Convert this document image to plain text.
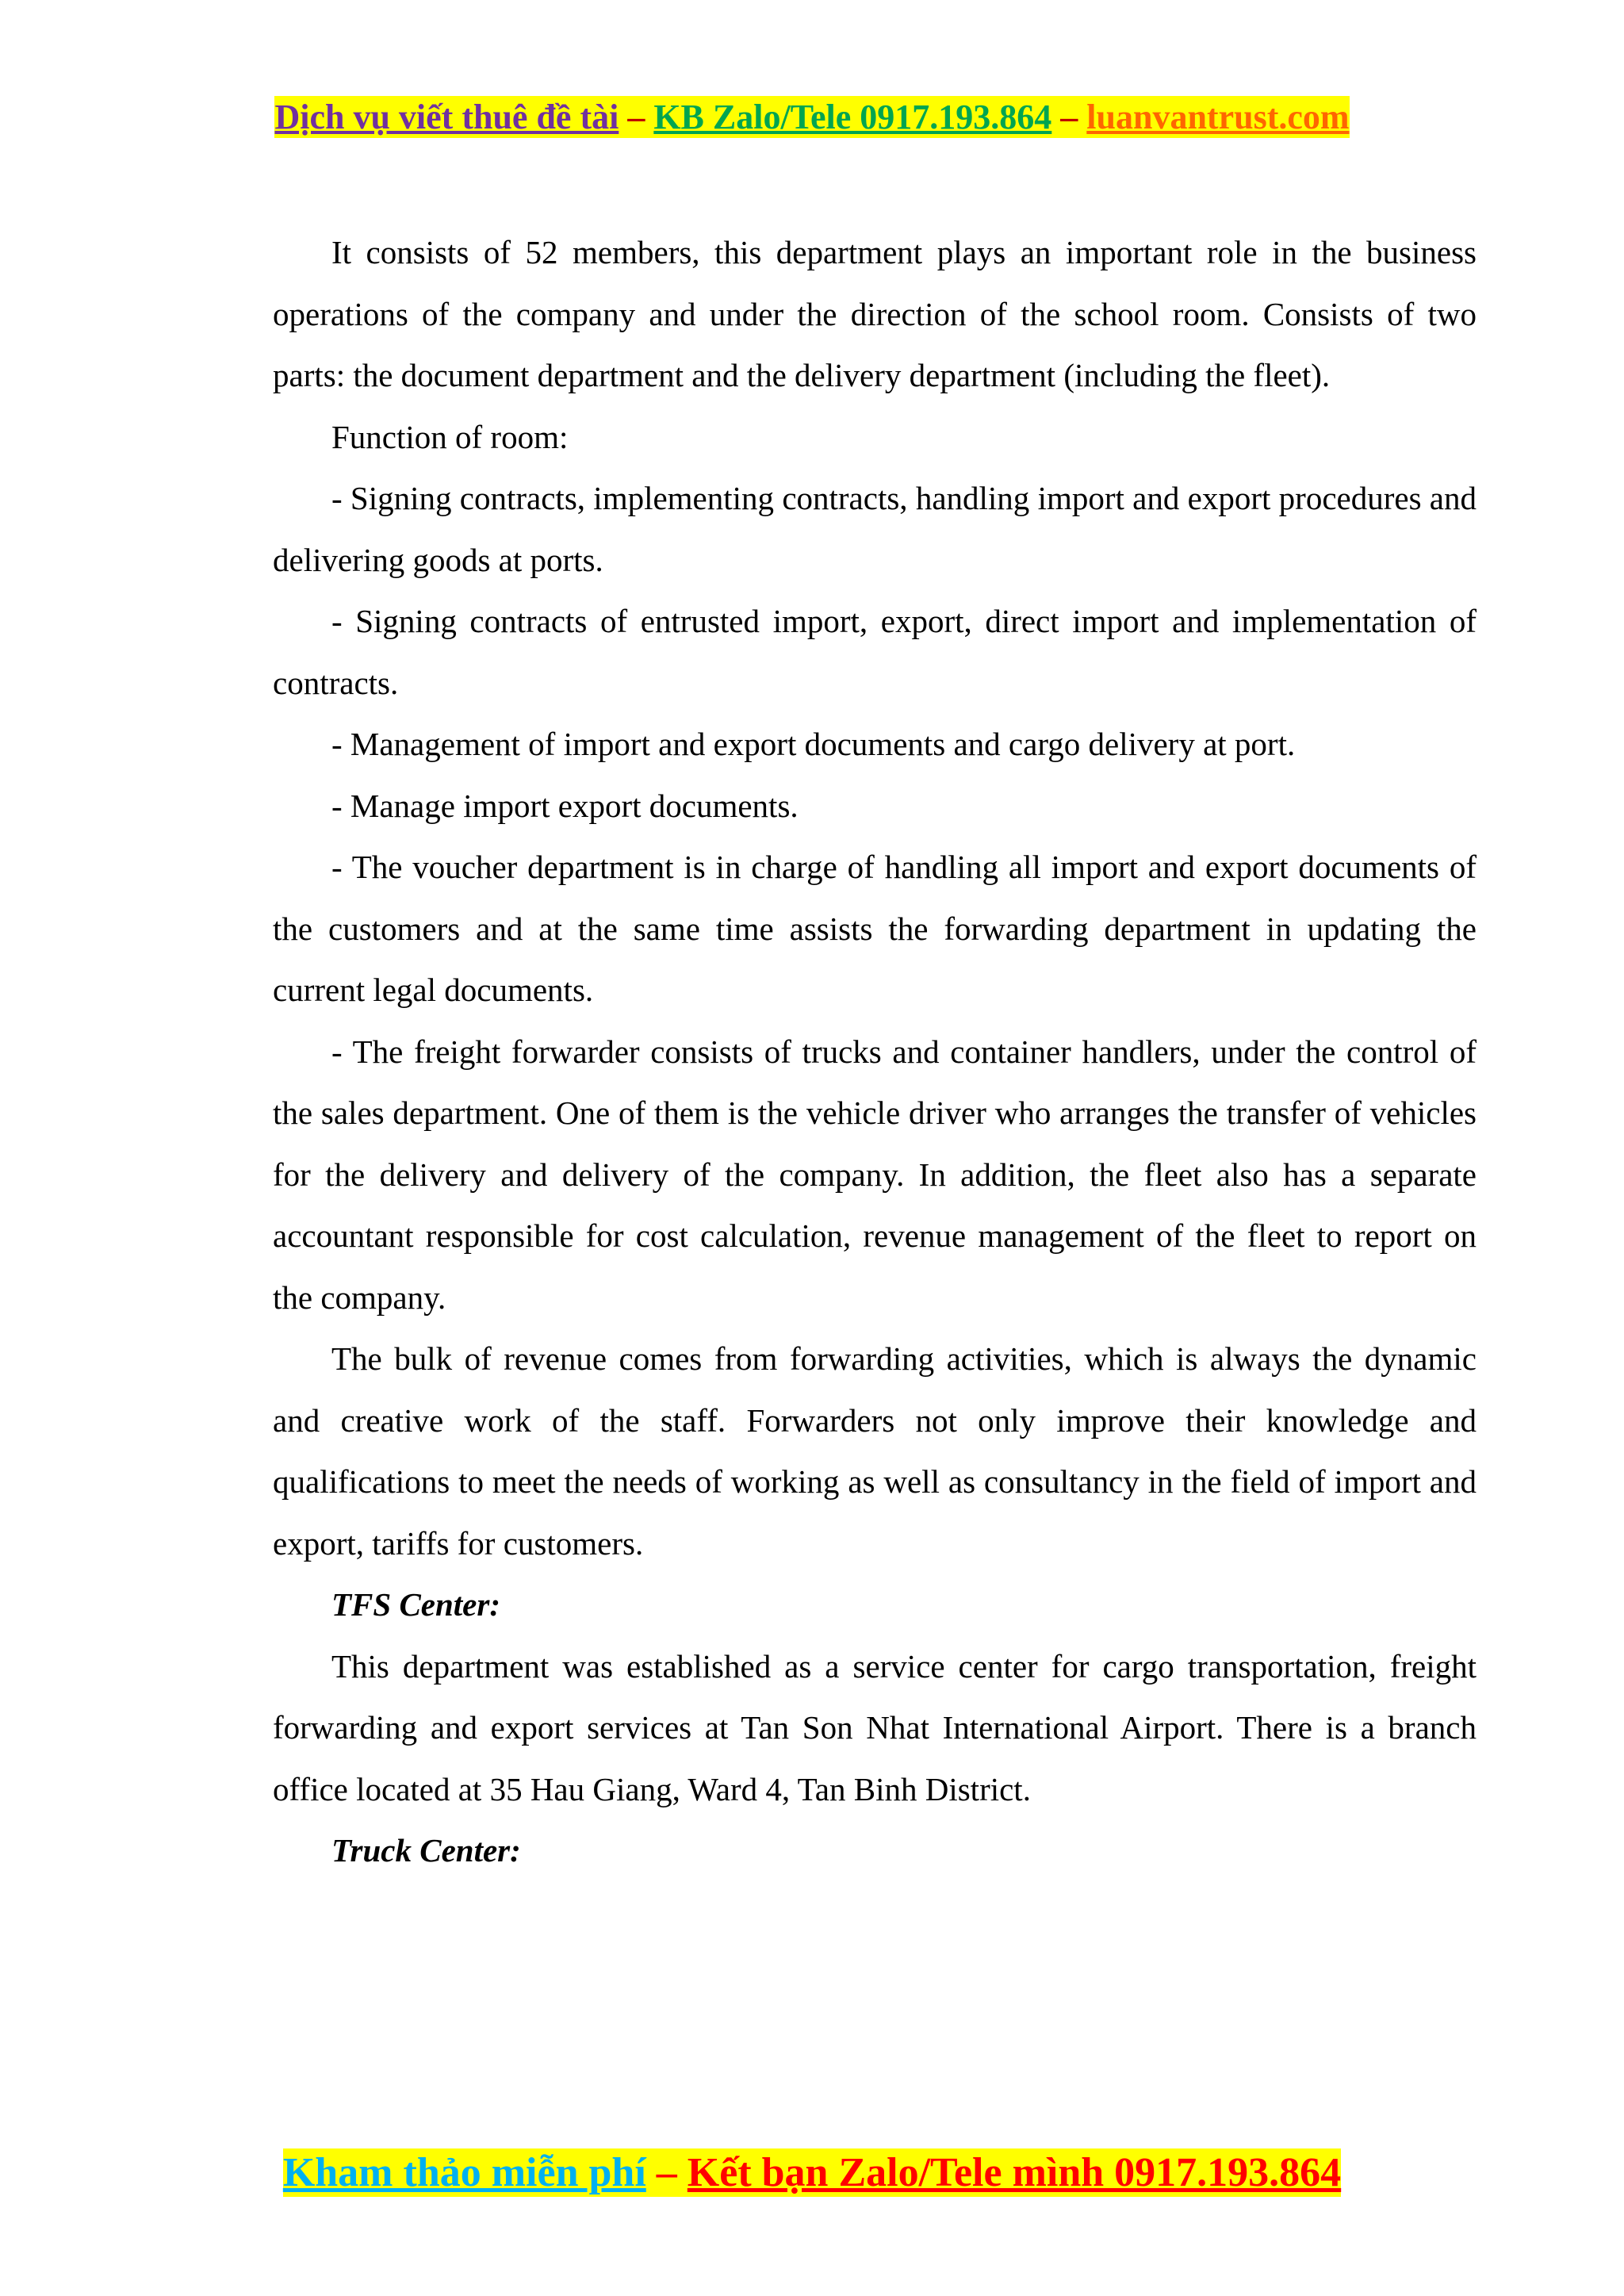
Dịch vụ viết thuê đề tài – KB Zalo/Tele 0917.193.864 – luanvantrust.com

It consists of 52 members, this department plays an important role in the business operations of the company and under the direction of the school room. Consists of two parts: the document department and the delivery department (including the fleet).

Function of room:

- Signing contracts, implementing contracts, handling import and export procedures and delivering goods at ports.

- Signing contracts of entrusted import, export, direct import and implementation of contracts.

- Management of import and export documents and cargo delivery at port.

- Manage import export documents.

- The voucher department is in charge of handling all import and export documents of the customers and at the same time assists the forwarding department in updating the current legal documents.

- The freight forwarder consists of trucks and container handlers, under the control of the sales department. One of them is the vehicle driver who arranges the transfer of vehicles for the delivery and delivery of the company. In addition, the fleet also has a separate accountant responsible for cost calculation, revenue management of the fleet to report on the company.

The bulk of revenue comes from forwarding activities, which is always the dynamic and creative work of the staff. Forwarders not only improve their knowledge and qualifications to meet the needs of working as well as consultancy in the field of import and export, tariffs for customers.

TFS Center:

This department was established as a service center for cargo transportation, freight forwarding and export services at Tan Son Nhat International Airport. There is a branch office located at 35 Hau Giang, Ward 4, Tan Binh District.

Truck Center:

Kham thảo miễn phí – Kết bạn Zalo/Tele mình 0917.193.864
